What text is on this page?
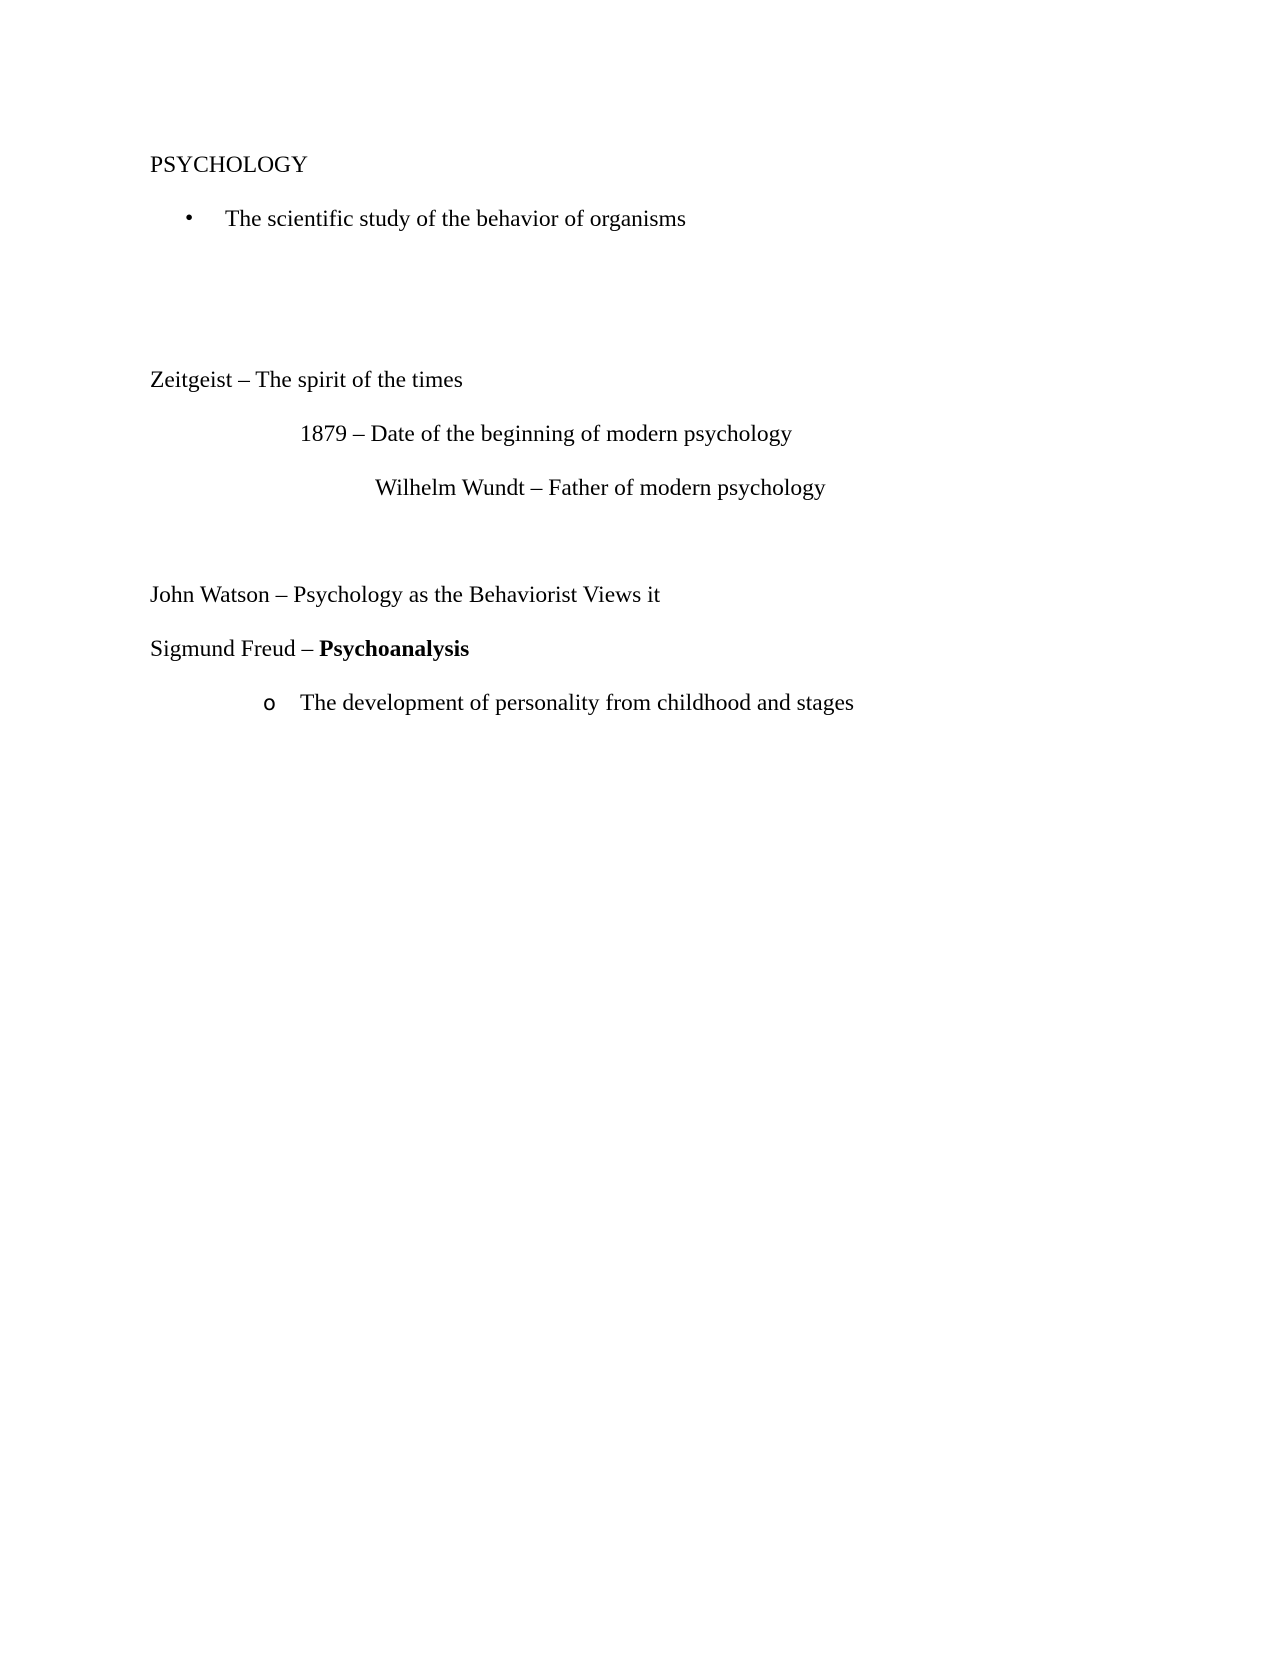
PSYCHOLOGY
• The scientific study of the behavior of organisms
Zeitgeist – The spirit of the times
1879 – Date of the beginning of modern psychology
Wilhelm Wundt – Father of modern psychology
John Watson – Psychology as the Behaviorist Views it
Sigmund Freud – Psychoanalysis
o The development of personality from childhood and stages
